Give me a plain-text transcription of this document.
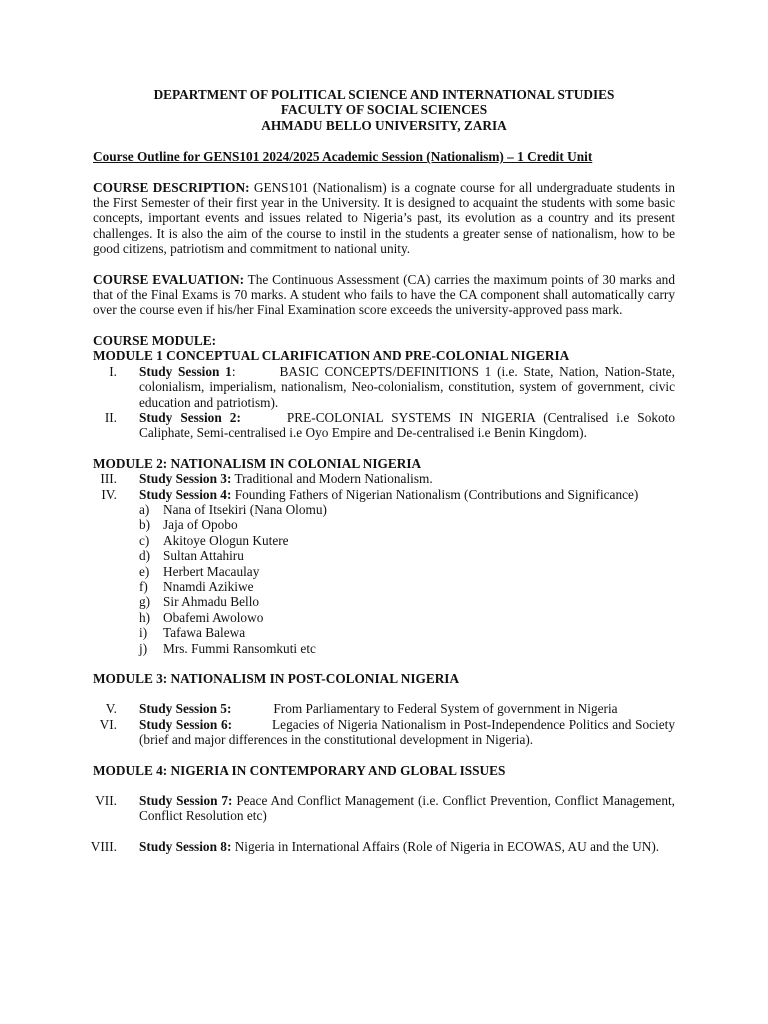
DEPARTMENT OF POLITICAL SCIENCE AND INTERNATIONAL STUDIES
FACULTY OF SOCIAL SCIENCES
AHMADU BELLO UNIVERSITY, ZARIA
Course Outline for GENS101 2024/2025 Academic Session (Nationalism) – 1 Credit Unit

COURSE DESCRIPTION: GENS101 (Nationalism) is a cognate course for all undergraduate students in the First Semester of their first year in the University. It is designed to acquaint the students with some basic concepts, important events and issues related to Nigeria’s past, its evolution as a country and its present challenges. It is also the aim of the course to instil in the students a greater sense of nationalism, how to be good citizens, patriotism and commitment to national unity.

COURSE EVALUATION: The Continuous Assessment (CA) carries the maximum points of 30 marks and that of the Final Exams is 70 marks. A student who fails to have the CA component shall automatically carry over the course even if his/her Final Examination score exceeds the university-approved pass mark.

COURSE MODULE:
MODULE 1 CONCEPTUAL CLARIFICATION AND PRE-COLONIAL NIGERIA
I. Study Session 1:	BASIC CONCEPTS/DEFINITIONS 1 (i.e. State, Nation, Nation-State, colonialism, imperialism, nationalism, Neo-colonialism, constitution, system of government, civic education and patriotism).
II. Study Session 2:	PRE-COLONIAL SYSTEMS IN NIGERIA (Centralised i.e Sokoto Caliphate, Semi-centralised i.e Oyo Empire and De-centralised i.e Benin Kingdom).
MODULE 2: NATIONALISM IN COLONIAL NIGERIA
III. Study Session 3: Traditional and Modern Nationalism.
IV. Study Session 4: Founding Fathers of Nigerian Nationalism (Contributions and Significance)
a) Nana of Itsekiri (Nana Olomu)
b) Jaja of Opobo
c) Akitoye Ologun Kutere
d) Sultan Attahiru
e) Herbert Macaulay
f) Nnamdi Azikiwe
g) Sir Ahmadu Bello
h) Obafemi Awolowo
i) Tafawa Balewa
j) Mrs. Fummi Ransomkuti etc
MODULE 3: NATIONALISM IN POST-COLONIAL NIGERIA
V. Study Session 5:	From Parliamentary to Federal System of government in Nigeria
VI. Study Session 6:	Legacies of Nigeria Nationalism in Post-Independence Politics and Society (brief and major differences in the constitutional development in Nigeria).
MODULE 4: NIGERIA IN CONTEMPORARY AND GLOBAL ISSUES
VII. Study Session 7: Peace And Conflict Management (i.e. Conflict Prevention, Conflict Management, Conflict Resolution etc)
VIII. Study Session 8: Nigeria in International Affairs (Role of Nigeria in ECOWAS, AU and the UN).
